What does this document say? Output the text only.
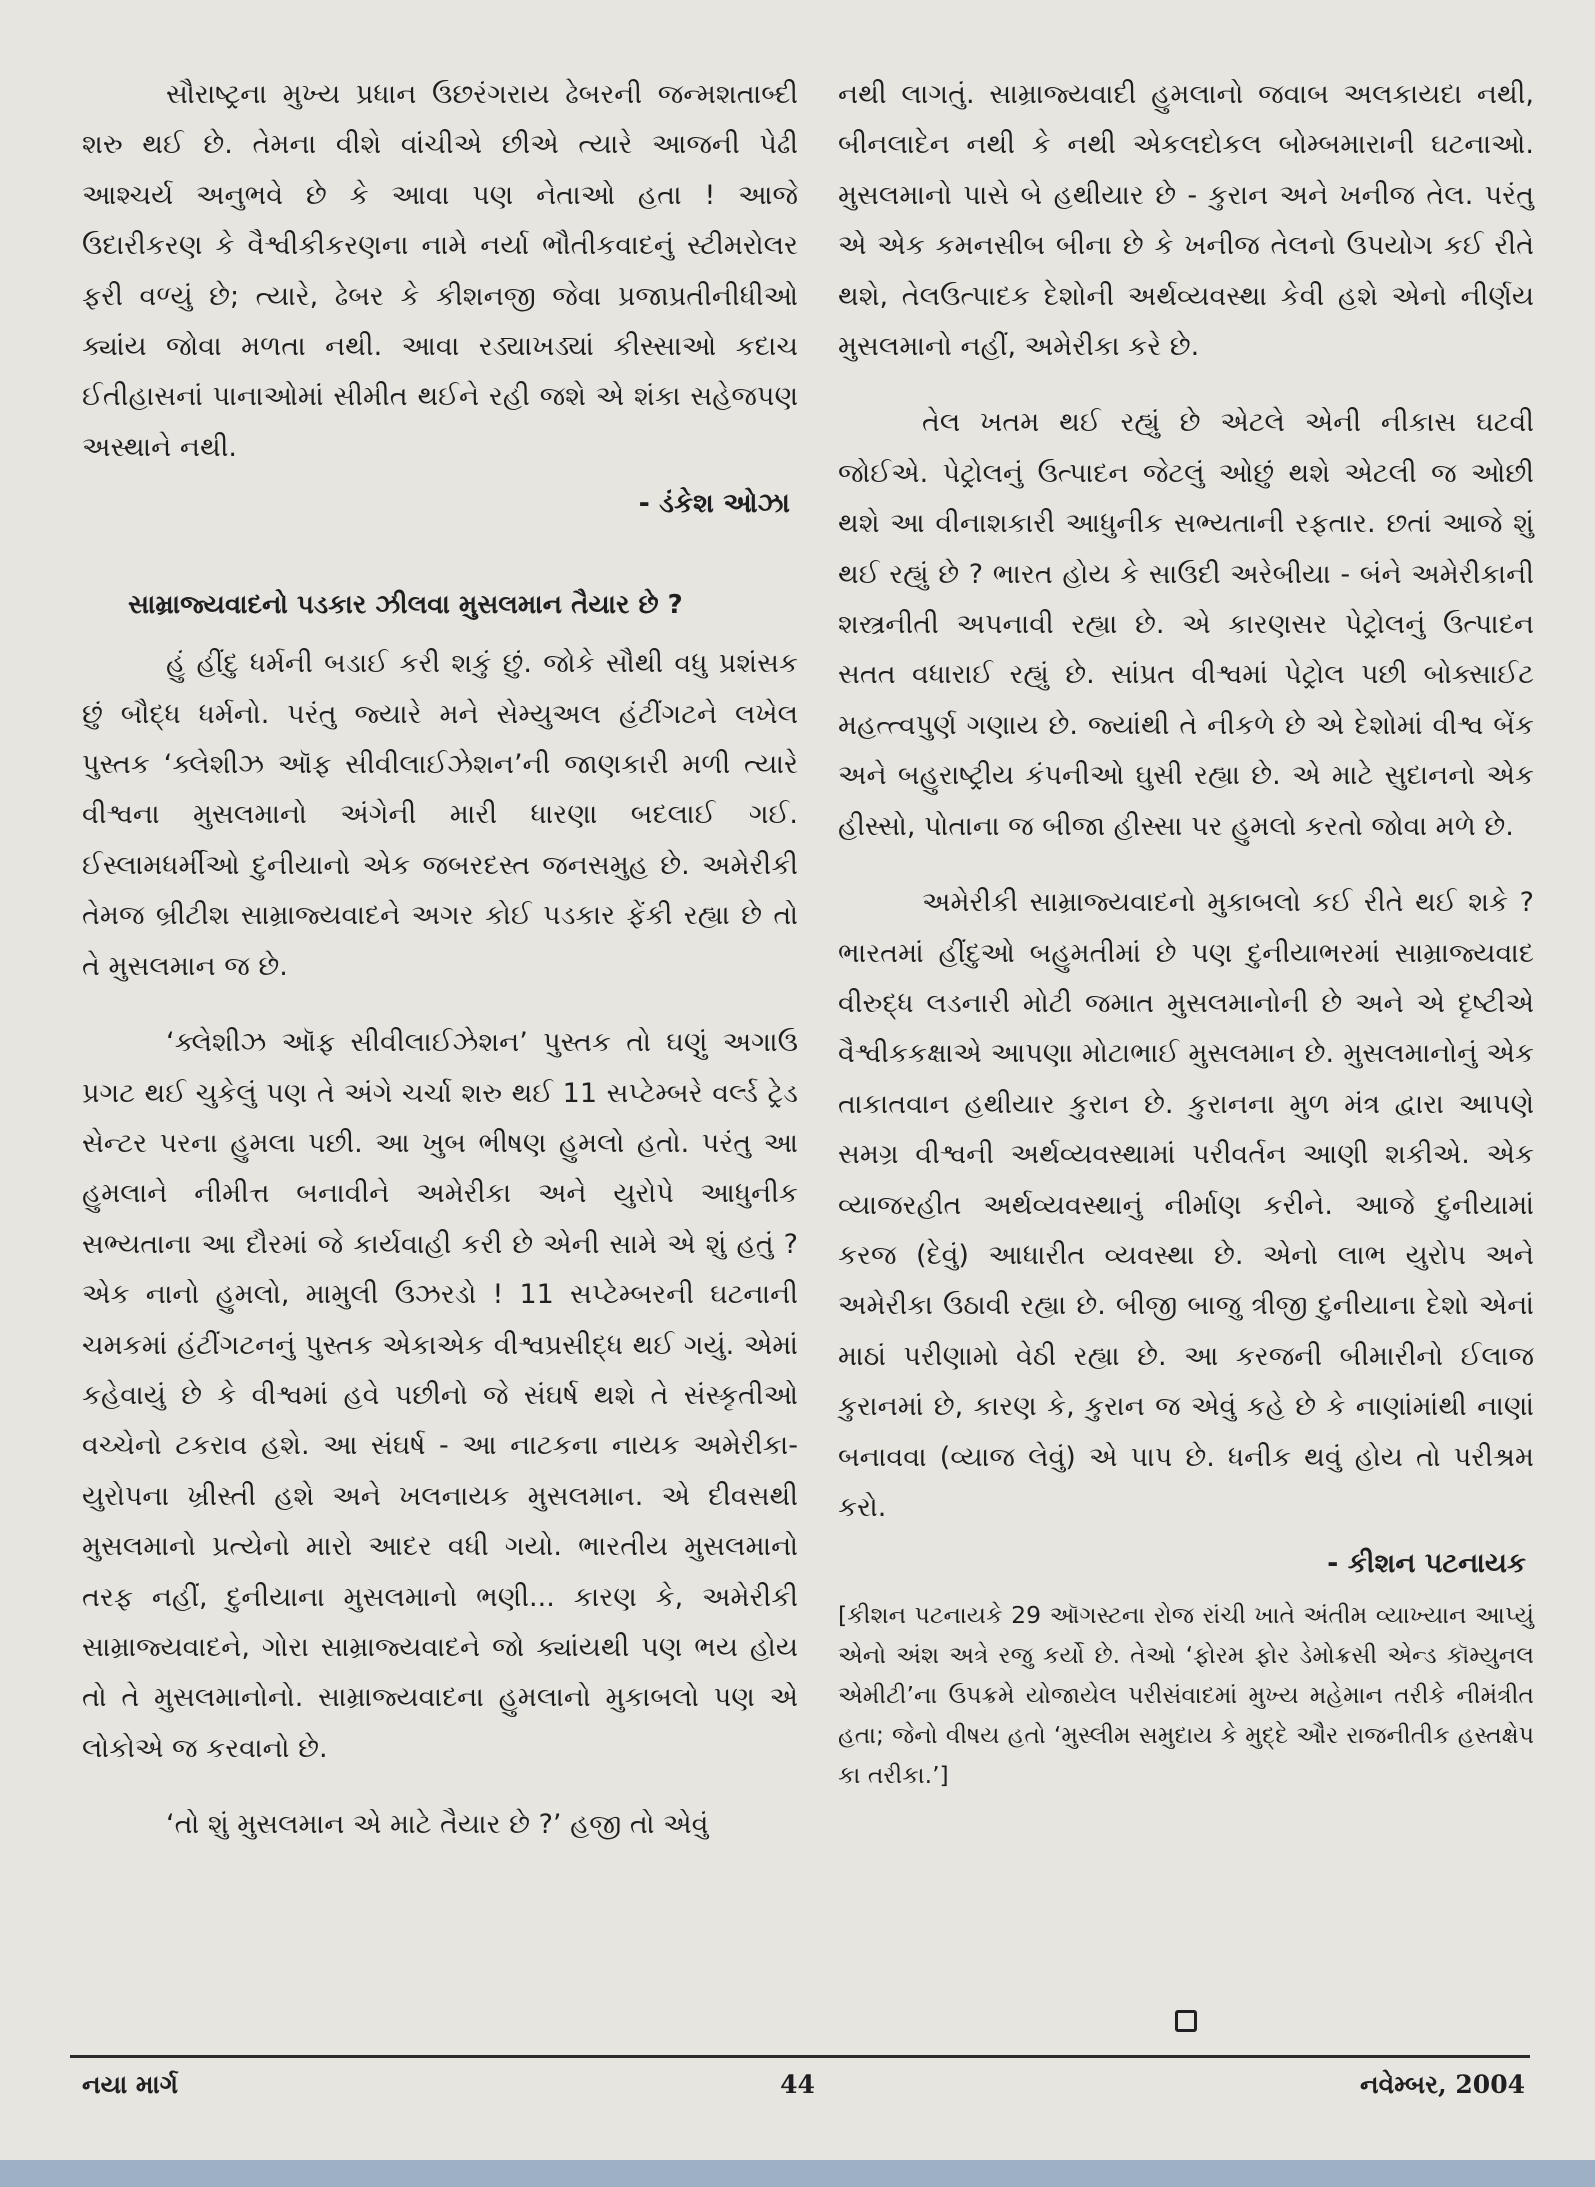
સૌરાષ્ટ્રના મુખ્ય પ્રધાન ઉછરંગરાય ઢેબરની જન્મશતાબ્દી શરુ થઈ છે. તેમના વીશે વાંચીએ છીએ ત્યારે આજની પેઢી આશ્ચર્ય અનુભવે છે કે આવા પણ નેતાઓ હતા ! આજે ઉદારીકરણ કે વૈશ્વીકીકરણના નામે નર્યા ભૌતીકવાદનું સ્ટીમરોલર ફરી વળ્યું છે; ત્યારે, ઢેબર કે કીશનજી જેવા પ્રજાપ્રતીનીધીઓ ક્યાંય જોવા મળતા નથી. આવા રડ્યાખડ્યાં કીસ્સાઓ કદાચ ઈતીહાસનાં પાનાઓમાં સીમીત થઈને રહી જશે એ શંકા સહેજપણ અસ્થાને નથી.

- ડંકેશ ઓઝા
સામ્રાજ્યવાદનો પડકાર ઝીલવા મુસલમાન તૈયાર છે ?

હું હીંદુ ધર્મની બડાઈ કરી શકું છું. જોકે સૌથી વધુ પ્રશંસક છું બૌદ્ધ ધર્મનો. પરંતુ જ્યારે મને સેમ્યુઅલ હંટીંગટને લખેલ પુસ્તક ‘ક્લેશીઝ ઑફ સીવીલાઈઝેશન’ની જાણકારી મળી ત્યારે વીશ્વના મુસલમાનો અંગેની મારી ધારણા બદલાઈ ગઈ. ઈસ્લામધર્મીઓ દુનીયાનો એક જબરદસ્ત જનસમુહ છે. અમેરીકી તેમજ બ્રીટીશ સામ્રાજ્યવાદને અગર કોઈ પડકાર ફેંકી રહ્યા છે તો તે મુસલમાન જ છે.

‘ક્લેશીઝ ઑફ સીવીલાઈઝેશન’ પુસ્તક તો ઘણું અગાઉ પ્રગટ થઈ ચુકેલું પણ તે અંગે ચર્ચા શરુ થઈ 11 સપ્ટેમ્બરે વર્લ્ડ ટ્રેડ સેન્ટર પરના હુમલા પછી. આ ખુબ ભીષણ હુમલો હતો. પરંતુ આ હુમલાને નીમીત્ત બનાવીને અમેરીકા અને યુરોપે આધુનીક સભ્યતાના આ દૌરમાં જે કાર્યવાહી કરી છે એની સામે એ શું હતું ? એક નાનો હુમલો, મામુલી ઉઝરડો ! 11 સપ્ટેમ્બરની ઘટનાની ચમકમાં હંટીંગટનનું પુસ્તક એકાએક વીશ્વપ્રસીદ્ધ થઈ ગયું. એમાં કહેવાયું છે કે વીશ્વમાં હવે પછીનો જે સંઘર્ષ થશે તે સંસ્કૃતીઓ વચ્ચેનો ટકરાવ હશે. આ સંઘર્ષ - આ નાટકના નાયક અમેરીકા-યુરોપના ખ્રીસ્તી હશે અને ખલનાયક મુસલમાન. એ દીવસથી મુસલમાનો પ્રત્યેનો મારો આદર વધી ગયો. ભારતીય મુસલમાનો તરફ નહીં, દુનીયાના મુસલમાનો ભણી... કારણ કે, અમેરીકી સામ્રાજ્યવાદને, ગોરા સામ્રાજ્યવાદને જો ક્યાંયથી પણ ભય હોય તો તે મુસલમાનોનો. સામ્રાજ્યવાદના હુમલાનો મુકાબલો પણ એ લોકોએ જ કરવાનો છે.

‘તો શું મુસલમાન એ માટે તૈયાર છે ?’ હજી તો એવું

નથી લાગતું. સામ્રાજ્યવાદી હુમલાનો જવાબ અલકાયદા નથી, બીનલાદેન નથી કે નથી એકલદોકલ બોમ્બમારાની ઘટનાઓ. મુસલમાનો પાસે બે હથીયાર છે - કુરાન અને ખનીજ તેલ. પરંતુ એ એક કમનસીબ બીના છે કે ખનીજ તેલનો ઉપયોગ કઈ રીતે થશે, તેલઉત્પાદક દેશોની અર્થવ્યવસ્થા કેવી હશે એનો નીર્ણય મુસલમાનો નહીં, અમેરીકા કરે છે.

તેલ ખતમ થઈ રહ્યું છે એટલે એની નીકાસ ઘટવી જોઈએ. પેટ્રોલનું ઉત્પાદન જેટલું ઓછું થશે એટલી જ ઓછી થશે આ વીનાશકારી આધુનીક સભ્યતાની રફતાર. છતાં આજે શું થઈ રહ્યું છે ? ભારત હોય કે સાઉદી અરેબીયા - બંને અમેરીકાની શસ્ત્રનીતી અપનાવી રહ્યા છે. એ કારણસર પેટ્રોલનું ઉત્પાદન સતત વધારાઈ રહ્યું છે. સાંપ્રત વીશ્વમાં પેટ્રોલ પછી બોક્સાઈટ મહત્ત્વપુર્ણ ગણાય છે. જ્યાંથી તે નીકળે છે એ દેશોમાં વીશ્વ બેંક અને બહુરાષ્ટ્રીય કંપનીઓ ઘુસી રહ્યા છે. એ માટે સુદાનનો એક હીસ્સો, પોતાના જ બીજા હીસ્સા પર હુમલો કરતો જોવા મળે છે.

અમેરીકી સામ્રાજ્યવાદનો મુકાબલો કઈ રીતે થઈ શકે ? ભારતમાં હીંદુઓ બહુમતીમાં છે પણ દુનીયાભરમાં સામ્રાજ્યવાદ વીરુદ્ધ લડનારી મોટી જમાત મુસલમાનોની છે અને એ દૃષ્ટીએ વૈશ્વીકકક્ષાએ આપણા મોટાભાઈ મુસલમાન છે. મુસલમાનોનું એક તાકાતવાન હથીયાર કુરાન છે. કુરાનના મુળ મંત્ર દ્વારા આપણે સમગ્ર વીશ્વની અર્થવ્યવસ્થામાં પરીવર્તન આણી શકીએ. એક વ્યાજરહીત અર્થવ્યવસ્થાનું નીર્માણ કરીને. આજે દુનીયામાં કરજ (દેવું) આધારીત વ્યવસ્થા છે. એનો લાભ યુરોપ અને અમેરીકા ઉઠાવી રહ્યા છે. બીજી બાજુ ત્રીજી દુનીયાના દેશો એનાં માઠાં પરીણામો વેઠી રહ્યા છે. આ કરજની બીમારીનો ઈલાજ કુરાનમાં છે, કારણ કે, કુરાન જ એવું કહે છે કે નાણાંમાંથી નાણાં બનાવવા (વ્યાજ લેવું) એ પાપ છે. ધનીક થવું હોય તો પરીશ્રમ કરો.

- કીશન પટનાયક
[કીશન પટનાયકે 29 ઑગસ્ટના રોજ રાંચી ખાતે અંતીમ વ્યાખ્યાન આપ્યું એનો અંશ અત્રે રજુ કર્યો છે. તેઓ ‘ફોરમ ફોર ડેમોક્રસી એન્ડ કૉમ્યુનલ એમીટી’ના ઉપક્રમે યોજાયેલ પરીસંવાદમાં મુખ્ય મહેમાન તરીકે નીમંત્રીત હતા; જેનો વીષય હતો ‘મુસ્લીમ સમુદાય કે મુદ્દે ઔર રાજનીતીક હસ્તક્ષેપ કા તરીકા.’]
નયા માર્ગ	44	નવેમ્બર, 2004
